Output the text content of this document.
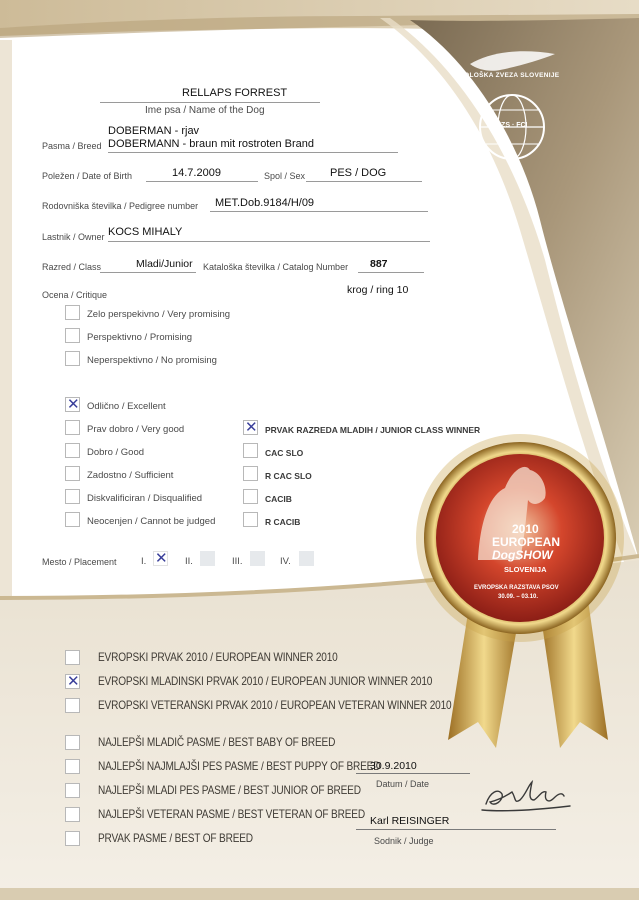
KINOLOŠKA ZVEZA SLOVENIJE
KZS · FCI
RELLAPS FORREST
Ime psa / Name of the Dog
DOBERMAN - rjav
Pasma / Breed DOBERMANN - braun mit rostroten Brand
Poležen / Date of Birth	14.7.2009	Spol / Sex PES / DOG
Rodovniška številka / Pedigree number MET.Dob.9184/H/09
Lastnik / Owner KOCS MIHALY
Razred / Class	Mladi/Junior Kataloška številka / Catalog Number 887
Ocena / Critique	krog / ring 10
Zelo perspekivno / Very promising
Perspektivno / Promising
Neperspektivno / No promising
✕ Odlično / Excellent
Prav dobro / Very good
Dobro / Good
Zadostno / Sufficient
Diskvalificiran / Disqualified
Neocenjen / Cannot be judged
✕ PRVAK RAZREDA MLADIH / JUNIOR CLASS WINNER
CAC SLO
R CAC SLO
CACIB
R CACIB
Mesto / Placement	I. ✕ II.	III.	IV.
2010
EUROPEAN
DogSHOW
SLOVENIJA
EVROPSKA RAZSTAVA PSOV
30.09. – 03.10.
EVROPSKI PRVAK 2010 / EUROPEAN WINNER 2010
✕ EVROPSKI MLADINSKI PRVAK 2010 / EUROPEAN JUNIOR WINNER 2010
EVROPSKI VETERANSKI PRVAK 2010 / EUROPEAN VETERAN WINNER 2010
NAJLEPŠI MLADIČ PASME / BEST BABY OF BREED
NAJLEPŠI NAJMLAJŠI PES PASME / BEST PUPPY OF BREED
NAJLEPŠI MLADI PES PASME / BEST JUNIOR OF BREED
NAJLEPŠI VETERAN PASME / BEST VETERAN OF BREED
PRVAK PASME / BEST OF BREED
30.9.2010
Datum / Date
Karl REISINGER
Sodnik / Judge
